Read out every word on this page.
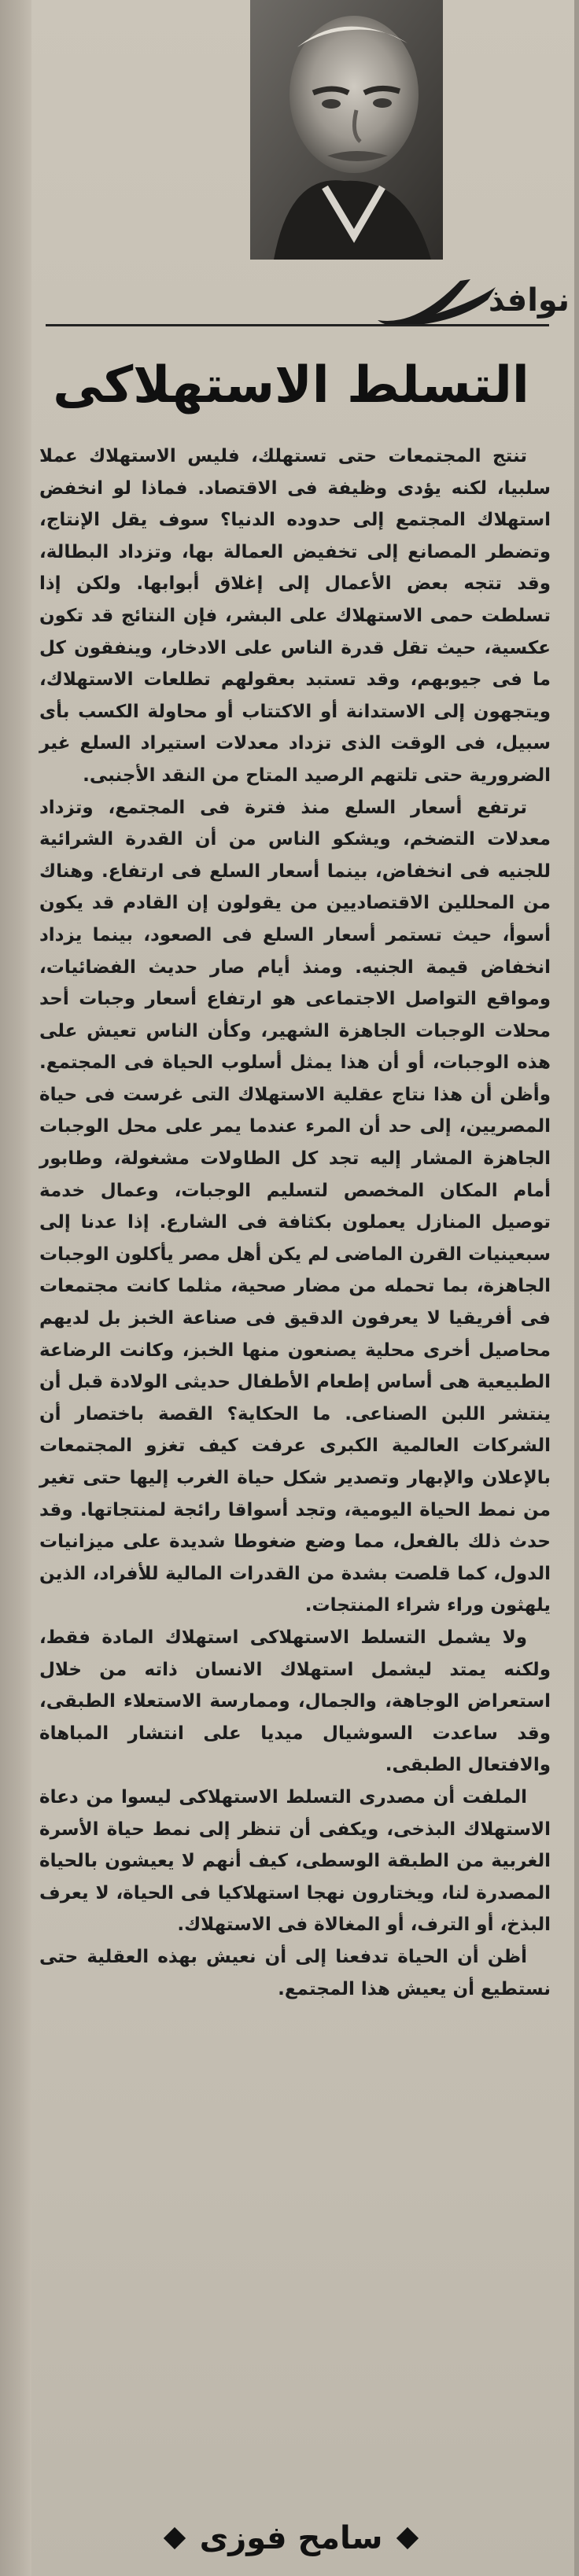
نوافذ
التسلط الاستهلاكى

تنتج المجتمعات حتى تستهلك، فليس الاستهلاك عملا سلبيا، لكنه يؤدى وظيفة فى الاقتصاد. فماذا لو انخفض استهلاك المجتمع إلى حدوده الدنيا؟ سوف يقل الإنتاج، وتضطر المصانع إلى تخفيض العمالة بها، وتزداد البطالة، وقد تتجه بعض الأعمال إلى إغلاق أبوابها. ولكن إذا تسلطت حمى الاستهلاك على البشر، فإن النتائج قد تكون عكسية، حيث تقل قدرة الناس على الادخار، وينفقون كل ما فى جيوبهم، وقد تستبد بعقولهم تطلعات الاستهلاك، ويتجهون إلى الاستدانة أو الاكتتاب أو محاولة الكسب بأى سبيل، فى الوقت الذى تزداد معدلات استيراد السلع غير الضرورية حتى تلتهم الرصيد المتاح من النقد الأجنبى.

ترتفع أسعار السلع منذ فترة فى المجتمع، وتزداد معدلات التضخم، ويشكو الناس من أن القدرة الشرائية للجنيه فى انخفاض، بينما أسعار السلع فى ارتفاع. وهناك من المحللين الاقتصاديين من يقولون إن القادم قد يكون أسوأ، حيث تستمر أسعار السلع فى الصعود، بينما يزداد انخفاض قيمة الجنيه. ومنذ أيام صار حديث الفضائيات، ومواقع التواصل الاجتماعى هو ارتفاع أسعار وجبات أحد محلات الوجبات الجاهزة الشهير، وكأن الناس تعيش على هذه الوجبات، أو أن هذا يمثل أسلوب الحياة فى المجتمع. وأظن أن هذا نتاج عقلية الاستهلاك التى غرست فى حياة المصريين، إلى حد أن المرء عندما يمر على محل الوجبات الجاهزة المشار إليه تجد كل الطاولات مشغولة، وطابور أمام المكان المخصص لتسليم الوجبات، وعمال خدمة توصيل المنازل يعملون بكثافة فى الشارع. إذا عدنا إلى سبعينيات القرن الماضى لم يكن أهل مصر يأكلون الوجبات الجاهزة، بما تحمله من مضار صحية، مثلما كانت مجتمعات فى أفريقيا لا يعرفون الدقيق فى صناعة الخبز بل لديهم محاصيل أخرى محلية يصنعون منها الخبز، وكانت الرضاعة الطبيعية هى أساس إطعام الأطفال حديثى الولادة قبل أن ينتشر اللبن الصناعى. ما الحكاية؟ القصة باختصار أن الشركات العالمية الكبرى عرفت كيف تغزو المجتمعات بالإعلان والإبهار وتصدير شكل حياة الغرب إليها حتى تغير من نمط الحياة اليومية، وتجد أسواقا رائجة لمنتجاتها. وقد حدث ذلك بالفعل، مما وضع ضغوطا شديدة على ميزانيات الدول، كما قلصت بشدة من القدرات المالية للأفراد، الذين يلهثون وراء شراء المنتجات.

ولا يشمل التسلط الاستهلاكى استهلاك المادة فقط، ولكنه يمتد ليشمل استهلاك الانسان ذاته من خلال استعراض الوجاهة، والجمال، وممارسة الاستعلاء الطبقى، وقد ساعدت السوشيال ميديا على انتشار المباهاة والافتعال الطبقى.

الملفت أن مصدرى التسلط الاستهلاكى ليسوا من دعاة الاستهلاك البذخى، ويكفى أن تنظر إلى نمط حياة الأسرة الغربية من الطبقة الوسطى، كيف أنهم لا يعيشون بالحياة المصدرة لنا، ويختارون نهجا استهلاكيا فى الحياة، لا يعرف البذخ، أو الترف، أو المغالاة فى الاستهلاك.

أظن أن الحياة تدفعنا إلى أن نعيش بهذه العقلية حتى نستطيع أن يعيش هذا المجتمع.

سامح فوزى
